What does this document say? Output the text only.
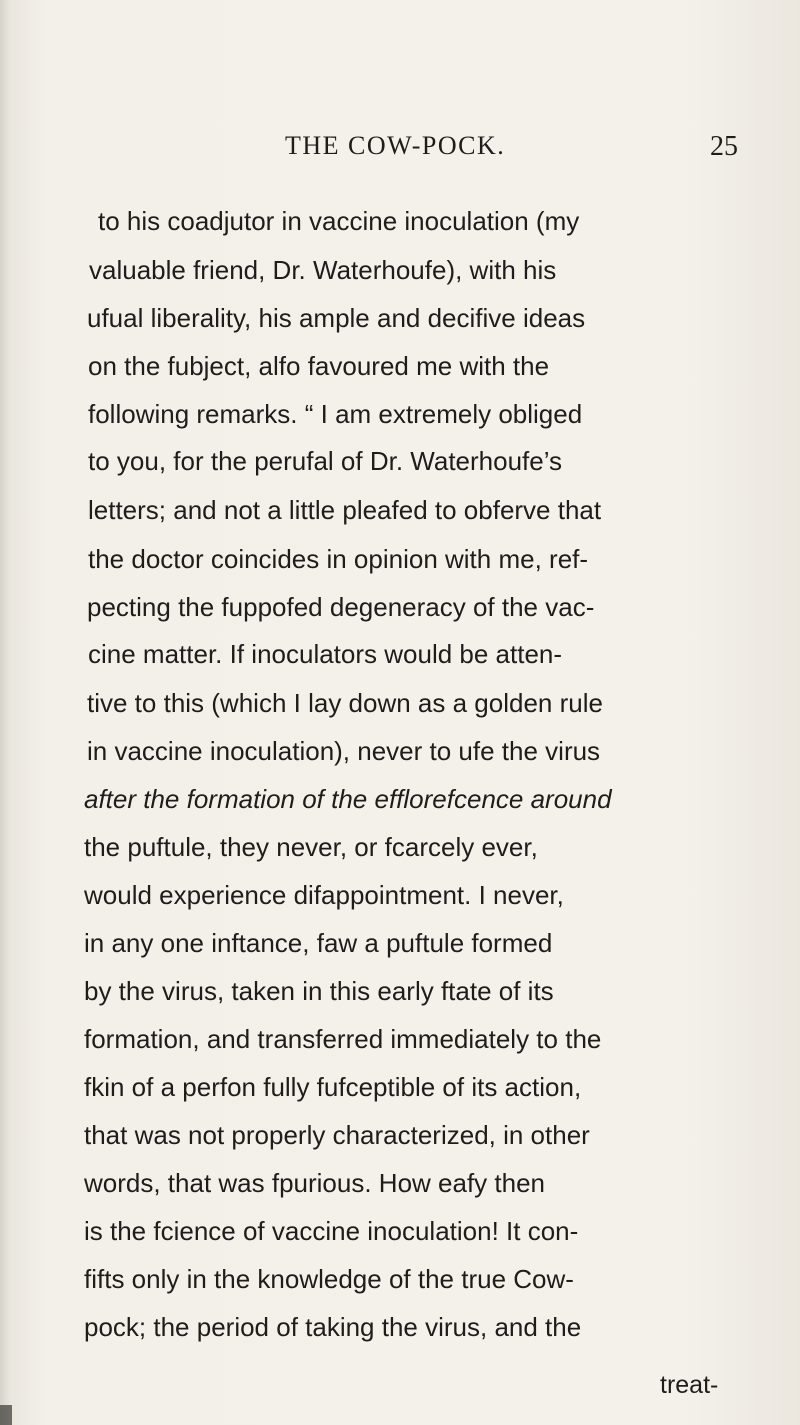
THE COW-POCK.	25
to his coadjutor in vaccine inoculation (my
valuable friend, Dr. Waterhoufe), with his
ufual liberality, his ample and decifive ideas
on the fubject, alfo favoured me with the
following remarks. “ I am extremely obliged
to you, for the perufal of Dr. Waterhoufe’s
letters; and not a little pleafed to obferve that
the doctor coincides in opinion with me, ref-
pecting the fuppofed degeneracy of the vac-
cine matter. If inoculators would be atten-
tive to this (which I lay down as a golden rule
in vaccine inoculation), never to ufe the virus
after the formation of the efflorefcence around
the puftule, they never, or fcarcely ever,
would experience difappointment. I never,
in any one inftance, faw a puftule formed
by the virus, taken in this early ftate of its
formation, and transferred immediately to the
fkin of a perfon fully fufceptible of its action,
that was not properly characterized, in other
words, that was fpurious. How eafy then
is the fcience of vaccine inoculation! It con-
fifts only in the knowledge of the true Cow-
pock; the period of taking the virus, and the
treat-
